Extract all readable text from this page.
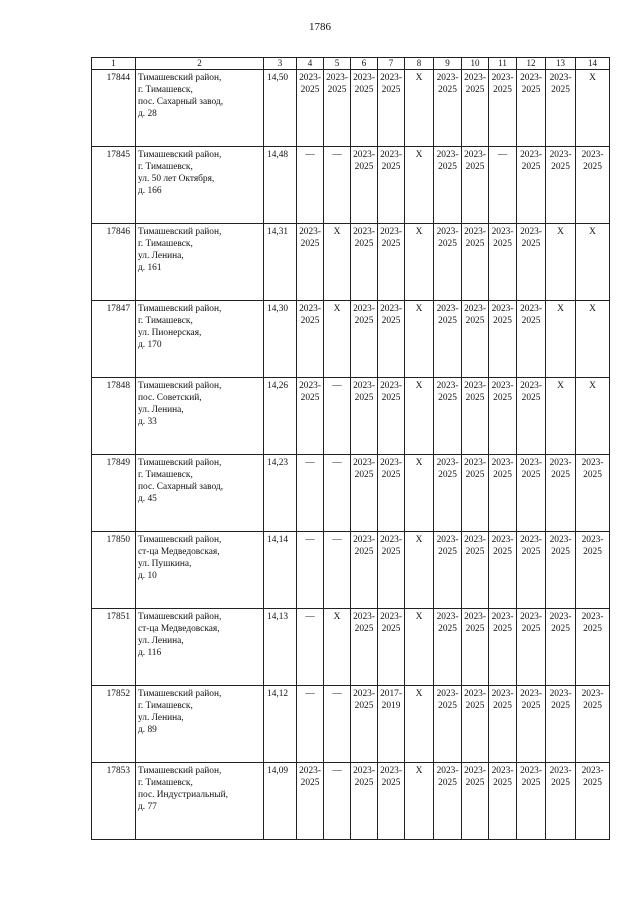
1786
1	2	3	4	5	6	7	8	9	10	11	12	13	14
17844	Тимашевский район,
г. Тимашевск,
пос. Сахарный завод,
д. 28	14,50	2023-
2025	2023-
2025	2023-
2025	2023-
2025	X	2023-
2025	2023-
2025	2023-
2025	2023-
2025	2023-
2025	X

17845	Тимашевский район,
г. Тимашевск,
ул. 50 лет Октября,
д. 166	14,48	—	—	2023-
2025	2023-
2025	X	2023-
2025	2023-
2025	—	2023-
2025	2023-
2025	2023-
2025

17846	Тимашевский район,
г. Тимашевск,
ул. Ленина,
д. 161	14,31	2023-
2025	X	2023-
2025	2023-
2025	X	2023-
2025	2023-
2025	2023-
2025	2023-
2025	X	X

17847	Тимашевский район,
г. Тимашевск,
ул. Пионерская,
д. 170	14,30	2023-
2025	X	2023-
2025	2023-
2025	X	2023-
2025	2023-
2025	2023-
2025	2023-
2025	X	X

17848	Тимашевский район,
пос. Советский,
ул. Ленина,
д. 33	14,26	2023-
2025	—	2023-
2025	2023-
2025	X	2023-
2025	2023-
2025	2023-
2025	2023-
2025	X	X

17849	Тимашевский район,
г. Тимашевск,
пос. Сахарный завод,
д. 45	14,23	—	—	2023-
2025	2023-
2025	X	2023-
2025	2023-
2025	2023-
2025	2023-
2025	2023-
2025	2023-
2025

17850	Тимашевский район,
ст-ца Медведовская,
ул. Пушкина,
д. 10	14,14	—	—	2023-
2025	2023-
2025	X	2023-
2025	2023-
2025	2023-
2025	2023-
2025	2023-
2025	2023-
2025

17851	Тимашевский район,
ст-ца Медведовская,
ул. Ленина,
д. 116	14,13	—	X	2023-
2025	2023-
2025	X	2023-
2025	2023-
2025	2023-
2025	2023-
2025	2023-
2025	2023-
2025

17852	Тимашевский район,
г. Тимашевск,
ул. Ленина,
д. 89	14,12	—	—	2023-
2025	2017-
2019	X	2023-
2025	2023-
2025	2023-
2025	2023-
2025	2023-
2025	2023-
2025

17853	Тимашевский район,
г. Тимашевск,
пос. Индустриальный,
д. 77	14,09	2023-
2025	—	2023-
2025	2023-
2025	X	2023-
2025	2023-
2025	2023-
2025	2023-
2025	2023-
2025	2023-
2025
